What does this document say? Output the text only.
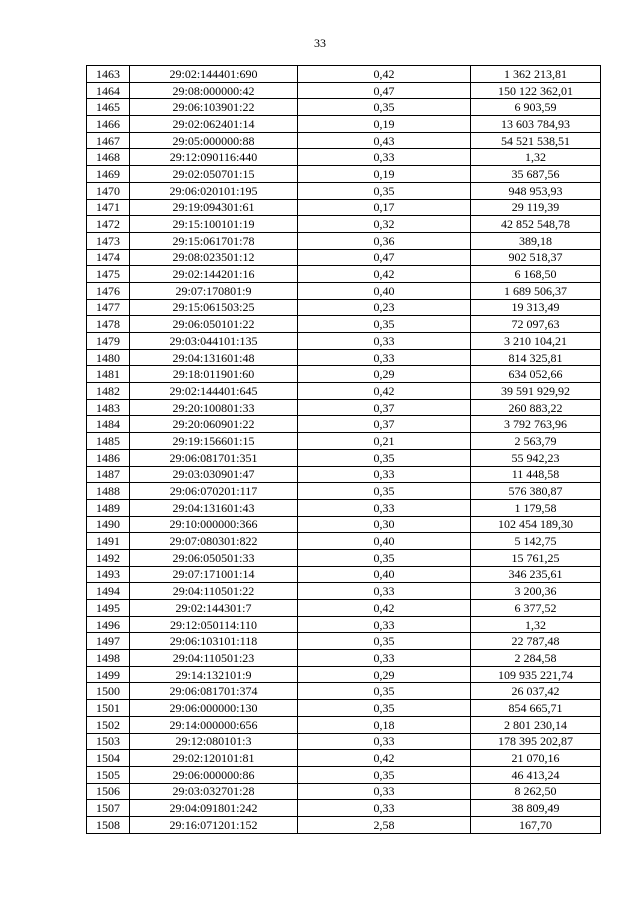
33
1463	29:02:144401:690	0,42	1 362 213,81
1464	29:08:000000:42	0,47	150 122 362,01
1465	29:06:103901:22	0,35	6 903,59
1466	29:02:062401:14	0,19	13 603 784,93
1467	29:05:000000:88	0,43	54 521 538,51
1468	29:12:090116:440	0,33	1,32
1469	29:02:050701:15	0,19	35 687,56
1470	29:06:020101:195	0,35	948 953,93
1471	29:19:094301:61	0,17	29 119,39
1472	29:15:100101:19	0,32	42 852 548,78
1473	29:15:061701:78	0,36	389,18
1474	29:08:023501:12	0,47	902 518,37
1475	29:02:144201:16	0,42	6 168,50
1476	29:07:170801:9	0,40	1 689 506,37
1477	29:15:061503:25	0,23	19 313,49
1478	29:06:050101:22	0,35	72 097,63
1479	29:03:044101:135	0,33	3 210 104,21
1480	29:04:131601:48	0,33	814 325,81
1481	29:18:011901:60	0,29	634 052,66
1482	29:02:144401:645	0,42	39 591 929,92
1483	29:20:100801:33	0,37	260 883,22
1484	29:20:060901:22	0,37	3 792 763,96
1485	29:19:156601:15	0,21	2 563,79
1486	29:06:081701:351	0,35	55 942,23
1487	29:03:030901:47	0,33	11 448,58
1488	29:06:070201:117	0,35	576 380,87
1489	29:04:131601:43	0,33	1 179,58
1490	29:10:000000:366	0,30	102 454 189,30
1491	29:07:080301:822	0,40	5 142,75
1492	29:06:050501:33	0,35	15 761,25
1493	29:07:171001:14	0,40	346 235,61
1494	29:04:110501:22	0,33	3 200,36
1495	29:02:144301:7	0,42	6 377,52
1496	29:12:050114:110	0,33	1,32
1497	29:06:103101:118	0,35	22 787,48
1498	29:04:110501:23	0,33	2 284,58
1499	29:14:132101:9	0,29	109 935 221,74
1500	29:06:081701:374	0,35	26 037,42
1501	29:06:000000:130	0,35	854 665,71
1502	29:14:000000:656	0,18	2 801 230,14
1503	29:12:080101:3	0,33	178 395 202,87
1504	29:02:120101:81	0,42	21 070,16
1505	29:06:000000:86	0,35	46 413,24
1506	29:03:032701:28	0,33	8 262,50
1507	29:04:091801:242	0,33	38 809,49
1508	29:16:071201:152	2,58	167,70
